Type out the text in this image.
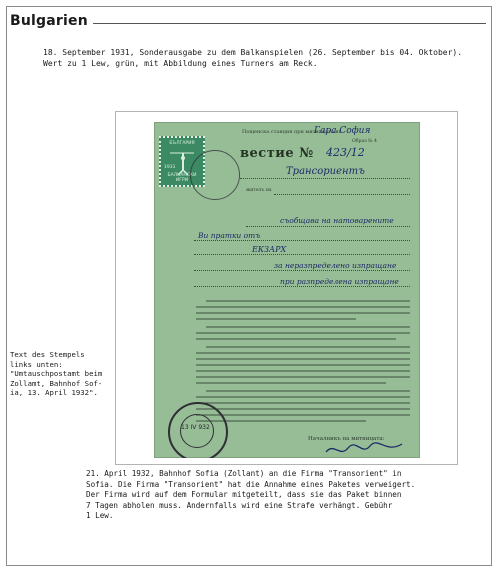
Bulgarien
18. September 1931, Sonderausgabe zu dem Balkanspielen (26. September bis 04. Oktober).
Wert zu 1 Lew, grün, mit Abbildung eines Turners am Reck.
Пощенска станция при митницата въ
Гара София
Образ № 4
БЪЛГАРИЯ
1931
БАЛКАНСКИ ИГРИ
вестие № 423/12
Трансориентъ
жителъ на
съобщава на натоварените
Ви пратки отъ
ЕКЗАРХ
за неразпределено изпращане
при разпределена изпращане
Началникъ на митницата:
13 IV 932
Text des Stempels
links unten:
"Umtauschpostamt beim
Zollamt, Bahnhof Sof-
ia, 13. April 1932".
21. April 1932, Bahnhof Sofia (Zollant) an die Firma "Transorient" in
Sofia. Die Firma "Transorient" hat die Annahme eines Paketes verweigert.
Der Firma wird auf dem Formular mitgeteilt, dass sie das Paket binnen
7 Tagen abholen muss. Andernfalls wird eine Strafe verhängt. Gebühr
1 Lew.
